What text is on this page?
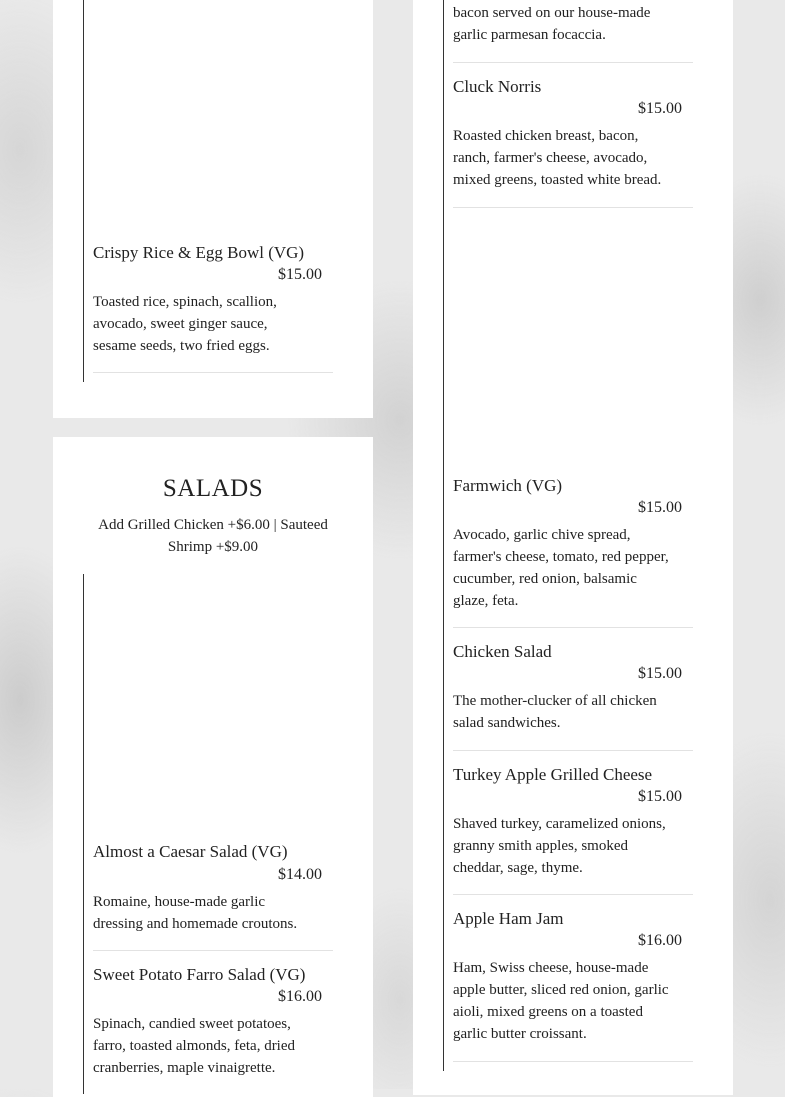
Crispy Rice & Egg Bowl (VG)
$15.00
Toasted rice, spinach, scallion, avocado, sweet ginger sauce, sesame seeds, two fried eggs.
SALADS
Add Grilled Chicken +$6.00 | Sauteed Shrimp +$9.00
Almost a Caesar Salad (VG)
$14.00
Romaine, house-made garlic dressing and homemade croutons.
Sweet Potato Farro Salad (VG)
$16.00
Spinach, candied sweet potatoes, farro, toasted almonds, feta, dried cranberries, maple vinaigrette.
bacon served on our house-made garlic parmesan focaccia.
Cluck Norris
$15.00
Roasted chicken breast, bacon, ranch, farmer's cheese, avocado, mixed greens, toasted white bread.
Farmwich (VG)
$15.00
Avocado, garlic chive spread, farmer's cheese, tomato, red pepper, cucumber, red onion, balsamic glaze, feta.
Chicken Salad
$15.00
The mother-clucker of all chicken salad sandwiches.
Turkey Apple Grilled Cheese
$15.00
Shaved turkey, caramelized onions, granny smith apples, smoked cheddar, sage, thyme.
Apple Ham Jam
$16.00
Ham, Swiss cheese, house-made apple butter, sliced red onion, garlic aioli, mixed greens on a toasted garlic butter croissant.
